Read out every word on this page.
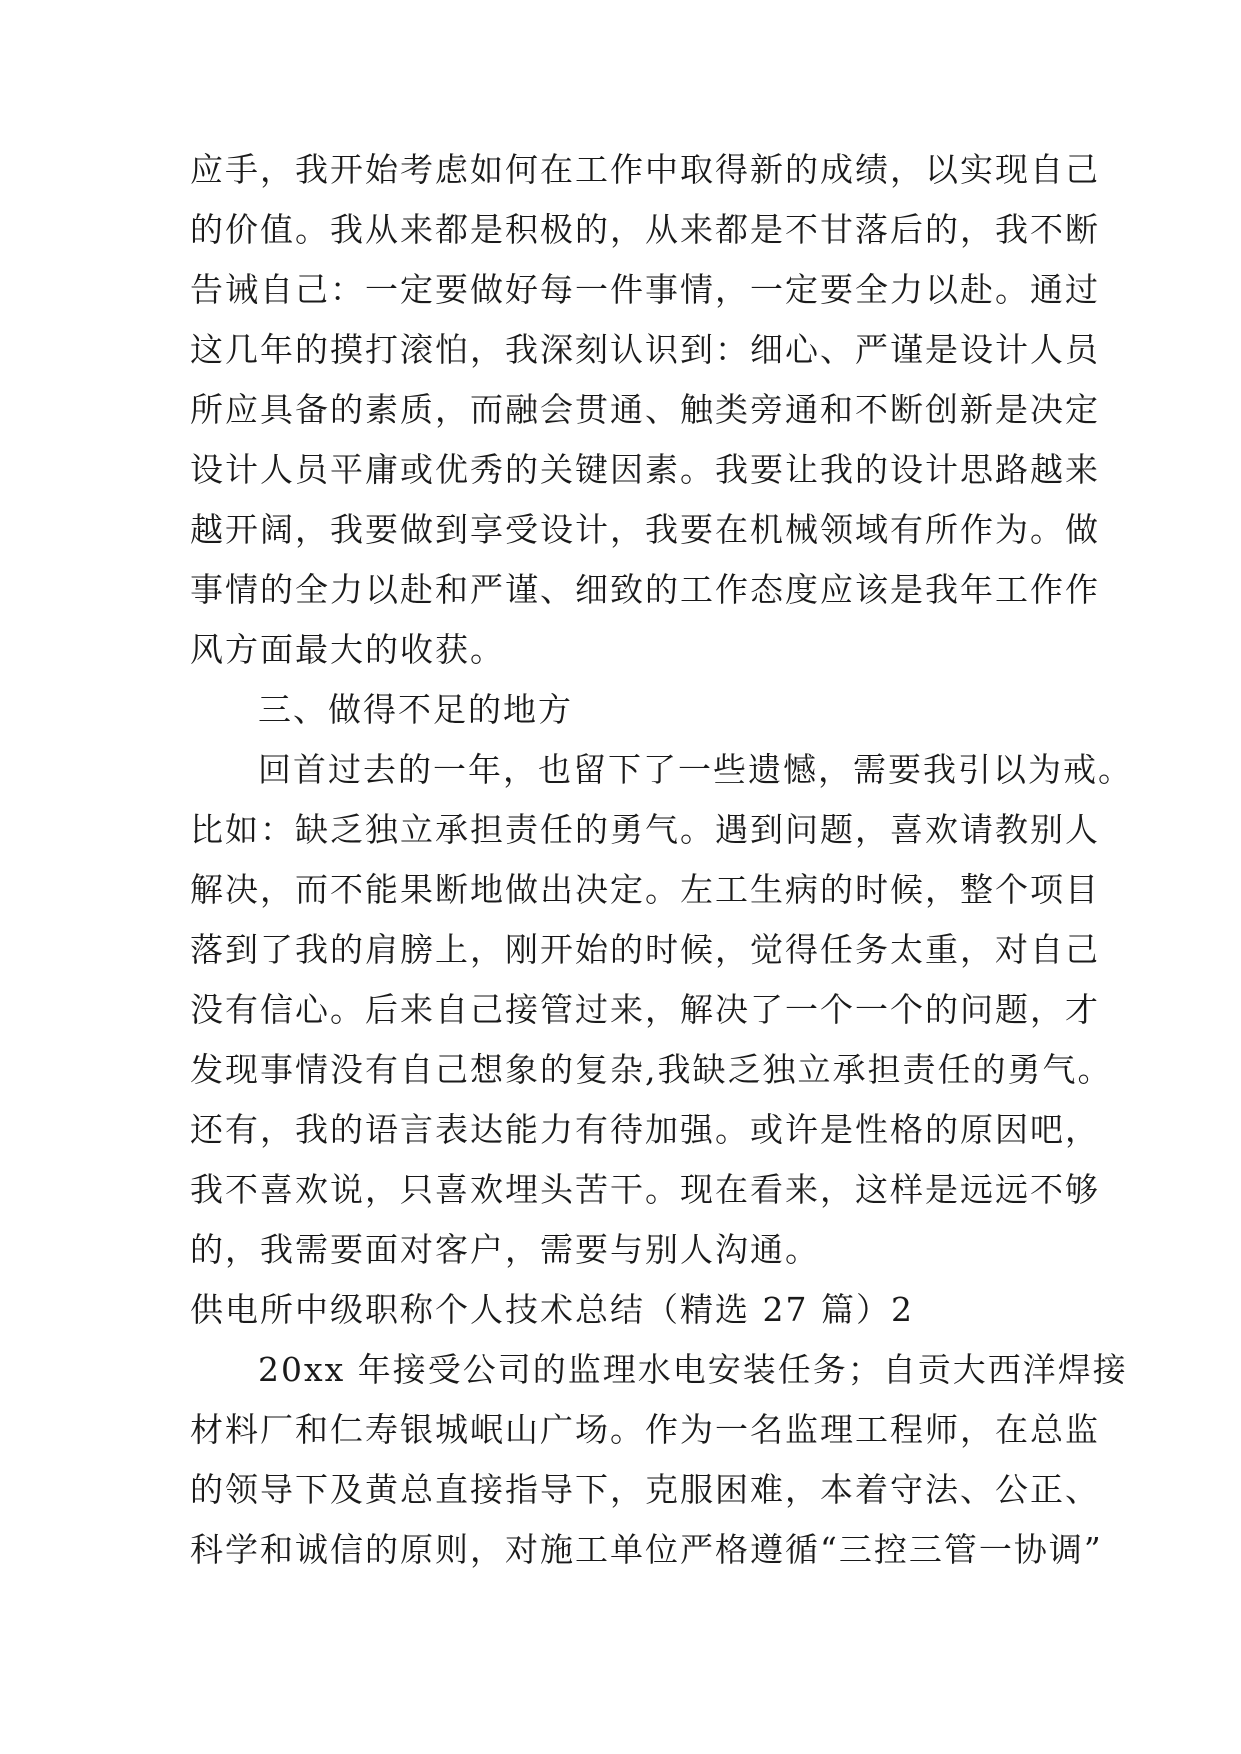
应手，我开始考虑如何在工作中取得新的成绩，以实现自己
的价值。我从来都是积极的，从来都是不甘落后的，我不断
告诫自己：一定要做好每一件事情，一定要全力以赴。通过
这几年的摸打滚怕，我深刻认识到：细心、严谨是设计人员
所应具备的素质，而融会贯通、触类旁通和不断创新是决定
设计人员平庸或优秀的关键因素。我要让我的设计思路越来
越开阔，我要做到享受设计，我要在机械领域有所作为。做
事情的全力以赴和严谨、细致的工作态度应该是我年工作作
风方面最大的收获。
三、做得不足的地方
回首过去的一年，也留下了一些遗憾，需要我引以为戒。
比如：缺乏独立承担责任的勇气。遇到问题，喜欢请教别人
解决，而不能果断地做出决定。左工生病的时候，整个项目
落到了我的肩膀上，刚开始的时候，觉得任务太重，对自己
没有信心。后来自己接管过来，解决了一个一个的问题，才
发现事情没有自己想象的复杂,我缺乏独立承担责任的勇气。
还有，我的语言表达能力有待加强。或许是性格的原因吧，
我不喜欢说，只喜欢埋头苦干。现在看来，这样是远远不够
的，我需要面对客户，需要与别人沟通。
供电所中级职称个人技术总结（精选 27 篇）2
20xx 年接受公司的监理水电安装任务；自贡大西洋焊接
材料厂和仁寿银城岷山广场。作为一名监理工程师，在总监
的领导下及黄总直接指导下，克服困难，本着守法、公正、
科学和诚信的原则，对施工单位严格遵循“三控三管一协调”
